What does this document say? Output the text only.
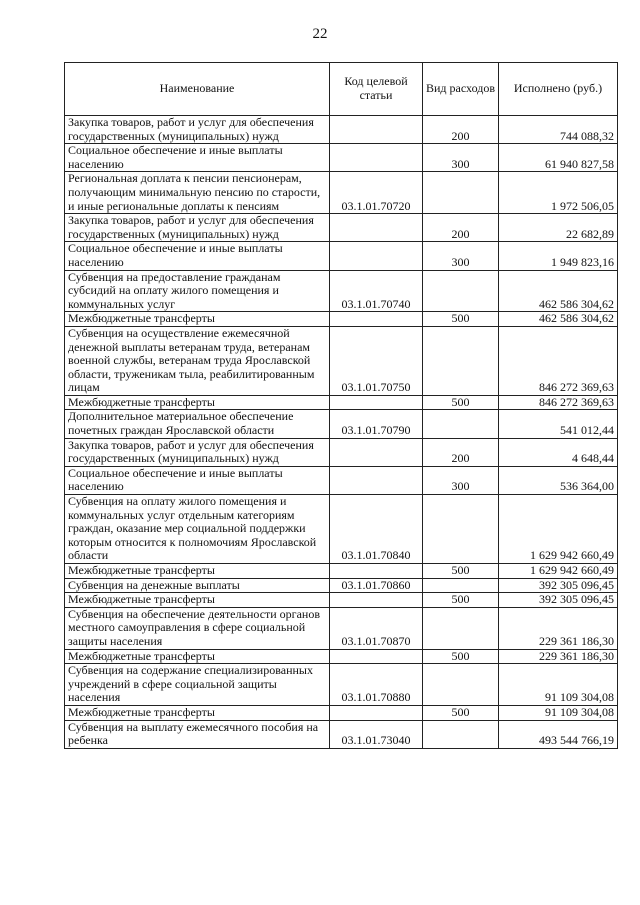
22
Наименование	Код целевой статьи	Вид расходов	Исполнено (руб.)
Закупка товаров, работ и услуг для обеспечения государственных (муниципальных) нужд		200	744 088,32
Социальное обеспечение и иные выплаты населению		300	61 940 827,58
Региональная доплата к пенсии пенсионерам, получающим минимальную пенсию по старости, и иные региональные доплаты к пенсиям	03.1.01.70720		1 972 506,05
Закупка товаров, работ и услуг для обеспечения государственных (муниципальных) нужд		200	22 682,89
Социальное обеспечение и иные выплаты населению		300	1 949 823,16
Субвенция на предоставление гражданам субсидий на оплату жилого помещения и коммунальных услуг	03.1.01.70740		462 586 304,62
Межбюджетные трансферты		500	462 586 304,62
Субвенция на осуществление ежемесячной денежной выплаты ветеранам труда, ветеранам военной службы, ветеранам труда Ярославской области, труженикам тыла, реабилитированным лицам	03.1.01.70750		846 272 369,63
Межбюджетные трансферты		500	846 272 369,63
Дополнительное материальное обеспечение почетных граждан Ярославской области	03.1.01.70790		541 012,44
Закупка товаров, работ и услуг для обеспечения государственных (муниципальных) нужд		200	4 648,44
Социальное обеспечение и иные выплаты населению		300	536 364,00
Субвенция на оплату жилого помещения и коммунальных услуг отдельным категориям граждан, оказание мер социальной поддержки которым относится к полномочиям Ярославской области	03.1.01.70840		1 629 942 660,49
Межбюджетные трансферты		500	1 629 942 660,49
Субвенция на денежные выплаты	03.1.01.70860		392 305 096,45
Межбюджетные трансферты		500	392 305 096,45
Субвенция на обеспечение деятельности органов местного самоуправления в сфере социальной защиты населения	03.1.01.70870		229 361 186,30
Межбюджетные трансферты		500	229 361 186,30
Субвенция на содержание специализированных учреждений в сфере социальной защиты населения	03.1.01.70880		91 109 304,08
Межбюджетные трансферты		500	91 109 304,08
Субвенция на выплату ежемесячного пособия на ребенка	03.1.01.73040		493 544 766,19
